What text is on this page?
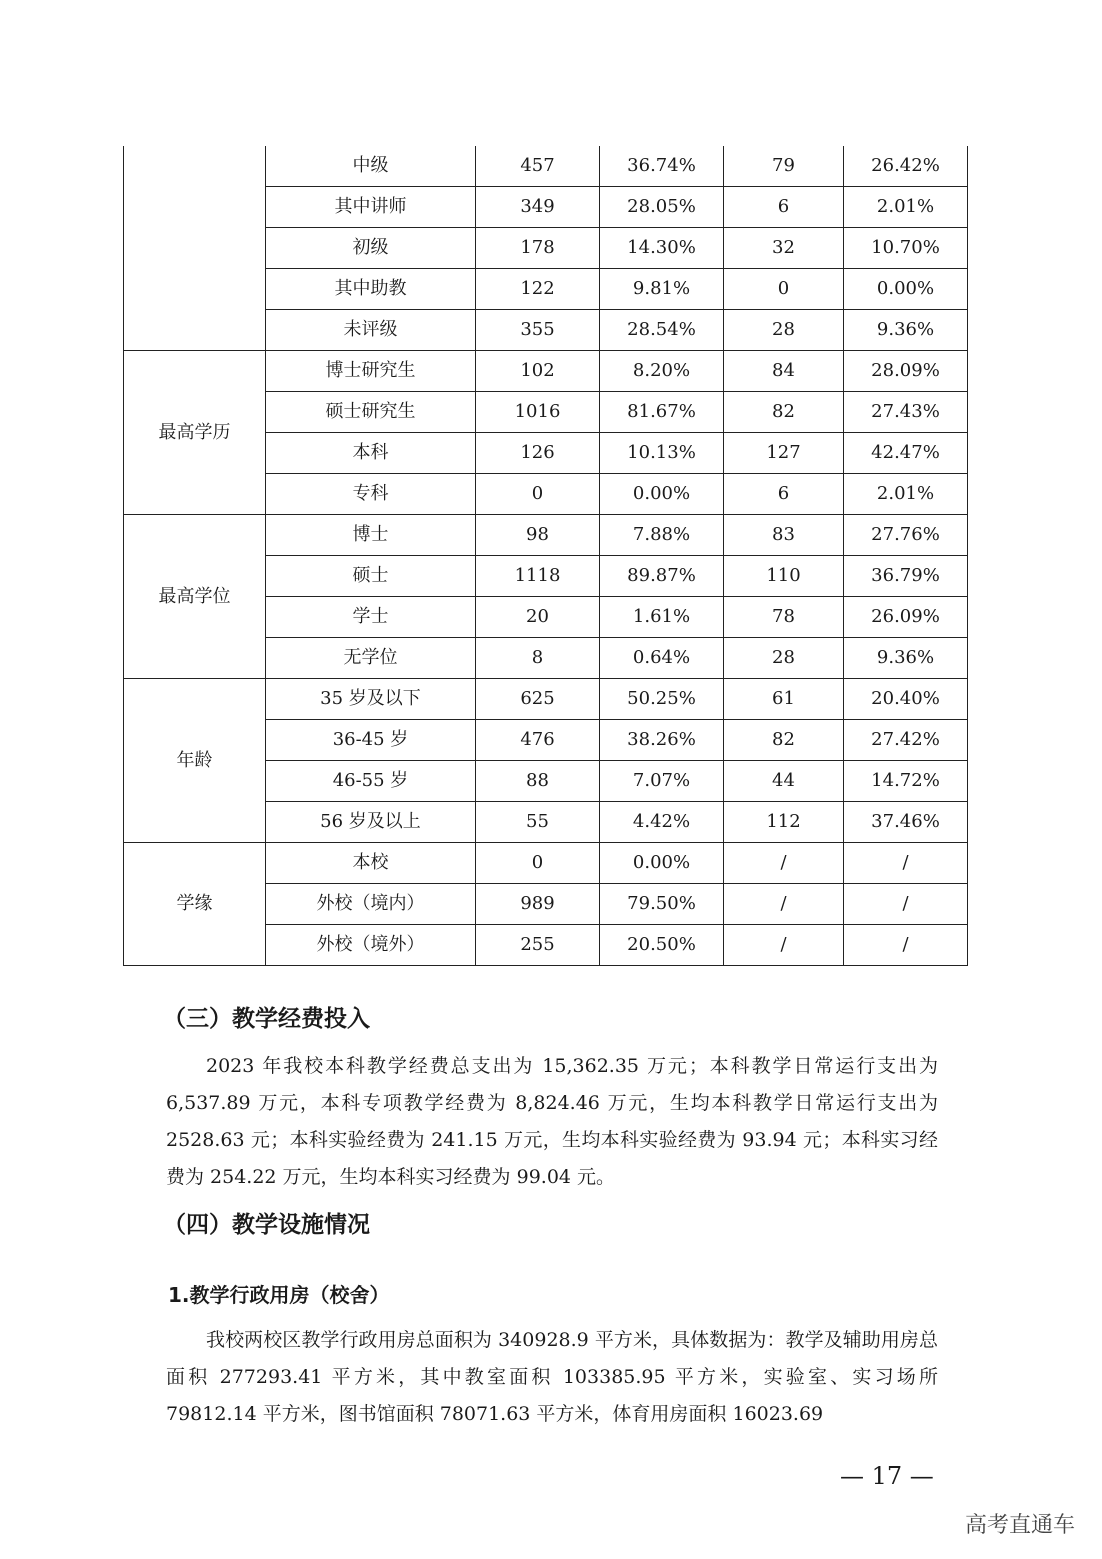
	中级	457	36.74%	79	26.42%
	其中讲师	349	28.05%	6	2.01%
	初级	178	14.30%	32	10.70%
	其中助教	122	9.81%	0	0.00%
	未评级	355	28.54%	28	9.36%
最高学历	博士研究生	102	8.20%	84	28.09%
	硕士研究生	1016	81.67%	82	27.43%
	本科	126	10.13%	127	42.47%
	专科	0	0.00%	6	2.01%
最高学位	博士	98	7.88%	83	27.76%
	硕士	1118	89.87%	110	36.79%
	学士	20	1.61%	78	26.09%
	无学位	8	0.64%	28	9.36%
年龄	35 岁及以下	625	50.25%	61	20.40%
	36-45 岁	476	38.26%	82	27.42%
	46-55 岁	88	7.07%	44	14.72%
	56 岁及以上	55	4.42%	112	37.46%
学缘	本校	0	0.00%	/	/
	外校（境内）	989	79.50%	/	/
	外校（境外）	255	20.50%	/	/
（三）教学经费投入

2023 年我校本科教学经费总支出为 15,362.35 万元；本科教学日常运行支出为 6,537.89 万元，本科专项教学经费为 8,824.46 万元，生均本科教学日常运行支出为 2528.63 元；本科实验经费为 241.15 万元，生均本科实验经费为 93.94 元；本科实习经费为 254.22 万元，生均本科实习经费为 99.04 元。

（四）教学设施情况
1.教学行政用房（校舍）

我校两校区教学行政用房总面积为 340928.9 平方米，具体数据为：教学及辅助用房总面积 277293.41 平方米，其中教室面积 103385.95 平方米，实验室、实习场所 79812.14 平方米，图书馆面积 78071.63 平方米，体育用房面积 16023.69

— 17 —
高考直通车
